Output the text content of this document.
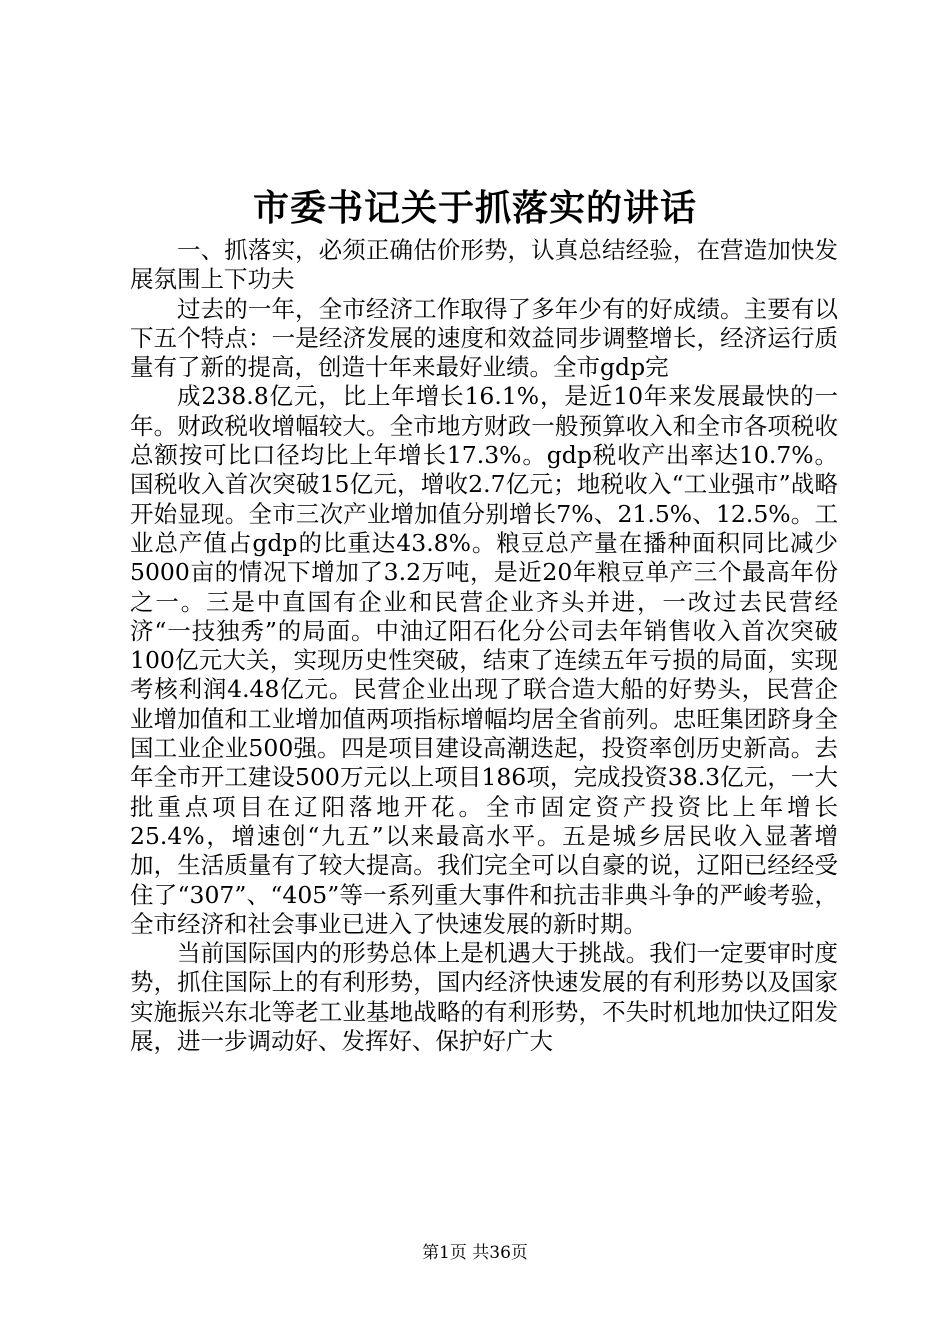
市委书记关于抓落实的讲话

一、抓落实，必须正确估价形势，认真总结经验，在营造加快发展氛围上下功夫

过去的一年，全市经济工作取得了多年少有的好成绩。主要有以下五个特点：一是经济发展的速度和效益同步调整增长，经济运行质量有了新的提高，创造十年来最好业绩。全市gdp完

成238.8亿元，比上年增长16.1%，是近10年来发展最快的一年。财政税收增幅较大。全市地方财政一般预算收入和全市各项税收总额按可比口径均比上年增长17.3%。gdp税收产出率达10.7%。国税收入首次突破15亿元，增收2.7亿元；地税收入“工业强市”战略开始显现。全市三次产业增加值分别增长7%、21.5%、12.5%。工业总产值占gdp的比重达43.8%。粮豆总产量在播种面积同比减少5000亩的情况下增加了3.2万吨，是近20年粮豆单产三个最高年份之一。三是中直国有企业和民营企业齐头并进，一改过去民营经济“一技独秀”的局面。中油辽阳石化分公司去年销售收入首次突破100亿元大关，实现历史性突破，结束了连续五年亏损的局面，实现考核利润4.48亿元。民营企业出现了联合造大船的好势头，民营企业增加值和工业增加值两项指标增幅均居全省前列。忠旺集团跻身全国工业企业500强。四是项目建设高潮迭起，投资率创历史新高。去年全市开工建设500万元以上项目186项，完成投资38.3亿元，一大批重点项目在辽阳落地开花。全市固定资产投资比上年增长25.4%，增速创“九五”以来最高水平。五是城乡居民收入显著增加，生活质量有了较大提高。我们完全可以自豪的说，辽阳已经经受住了“307”、“405”等一系列重大事件和抗击非典斗争的严峻考验，全市经济和社会事业已进入了快速发展的新时期。

当前国际国内的形势总体上是机遇大于挑战。我们一定要审时度势，抓住国际上的有利形势，国内经济快速发展的有利形势以及国家实施振兴东北等老工业基地战略的有利形势，不失时机地加快辽阳发展，进一步调动好、发挥好、保护好广大

第1页 共36页
